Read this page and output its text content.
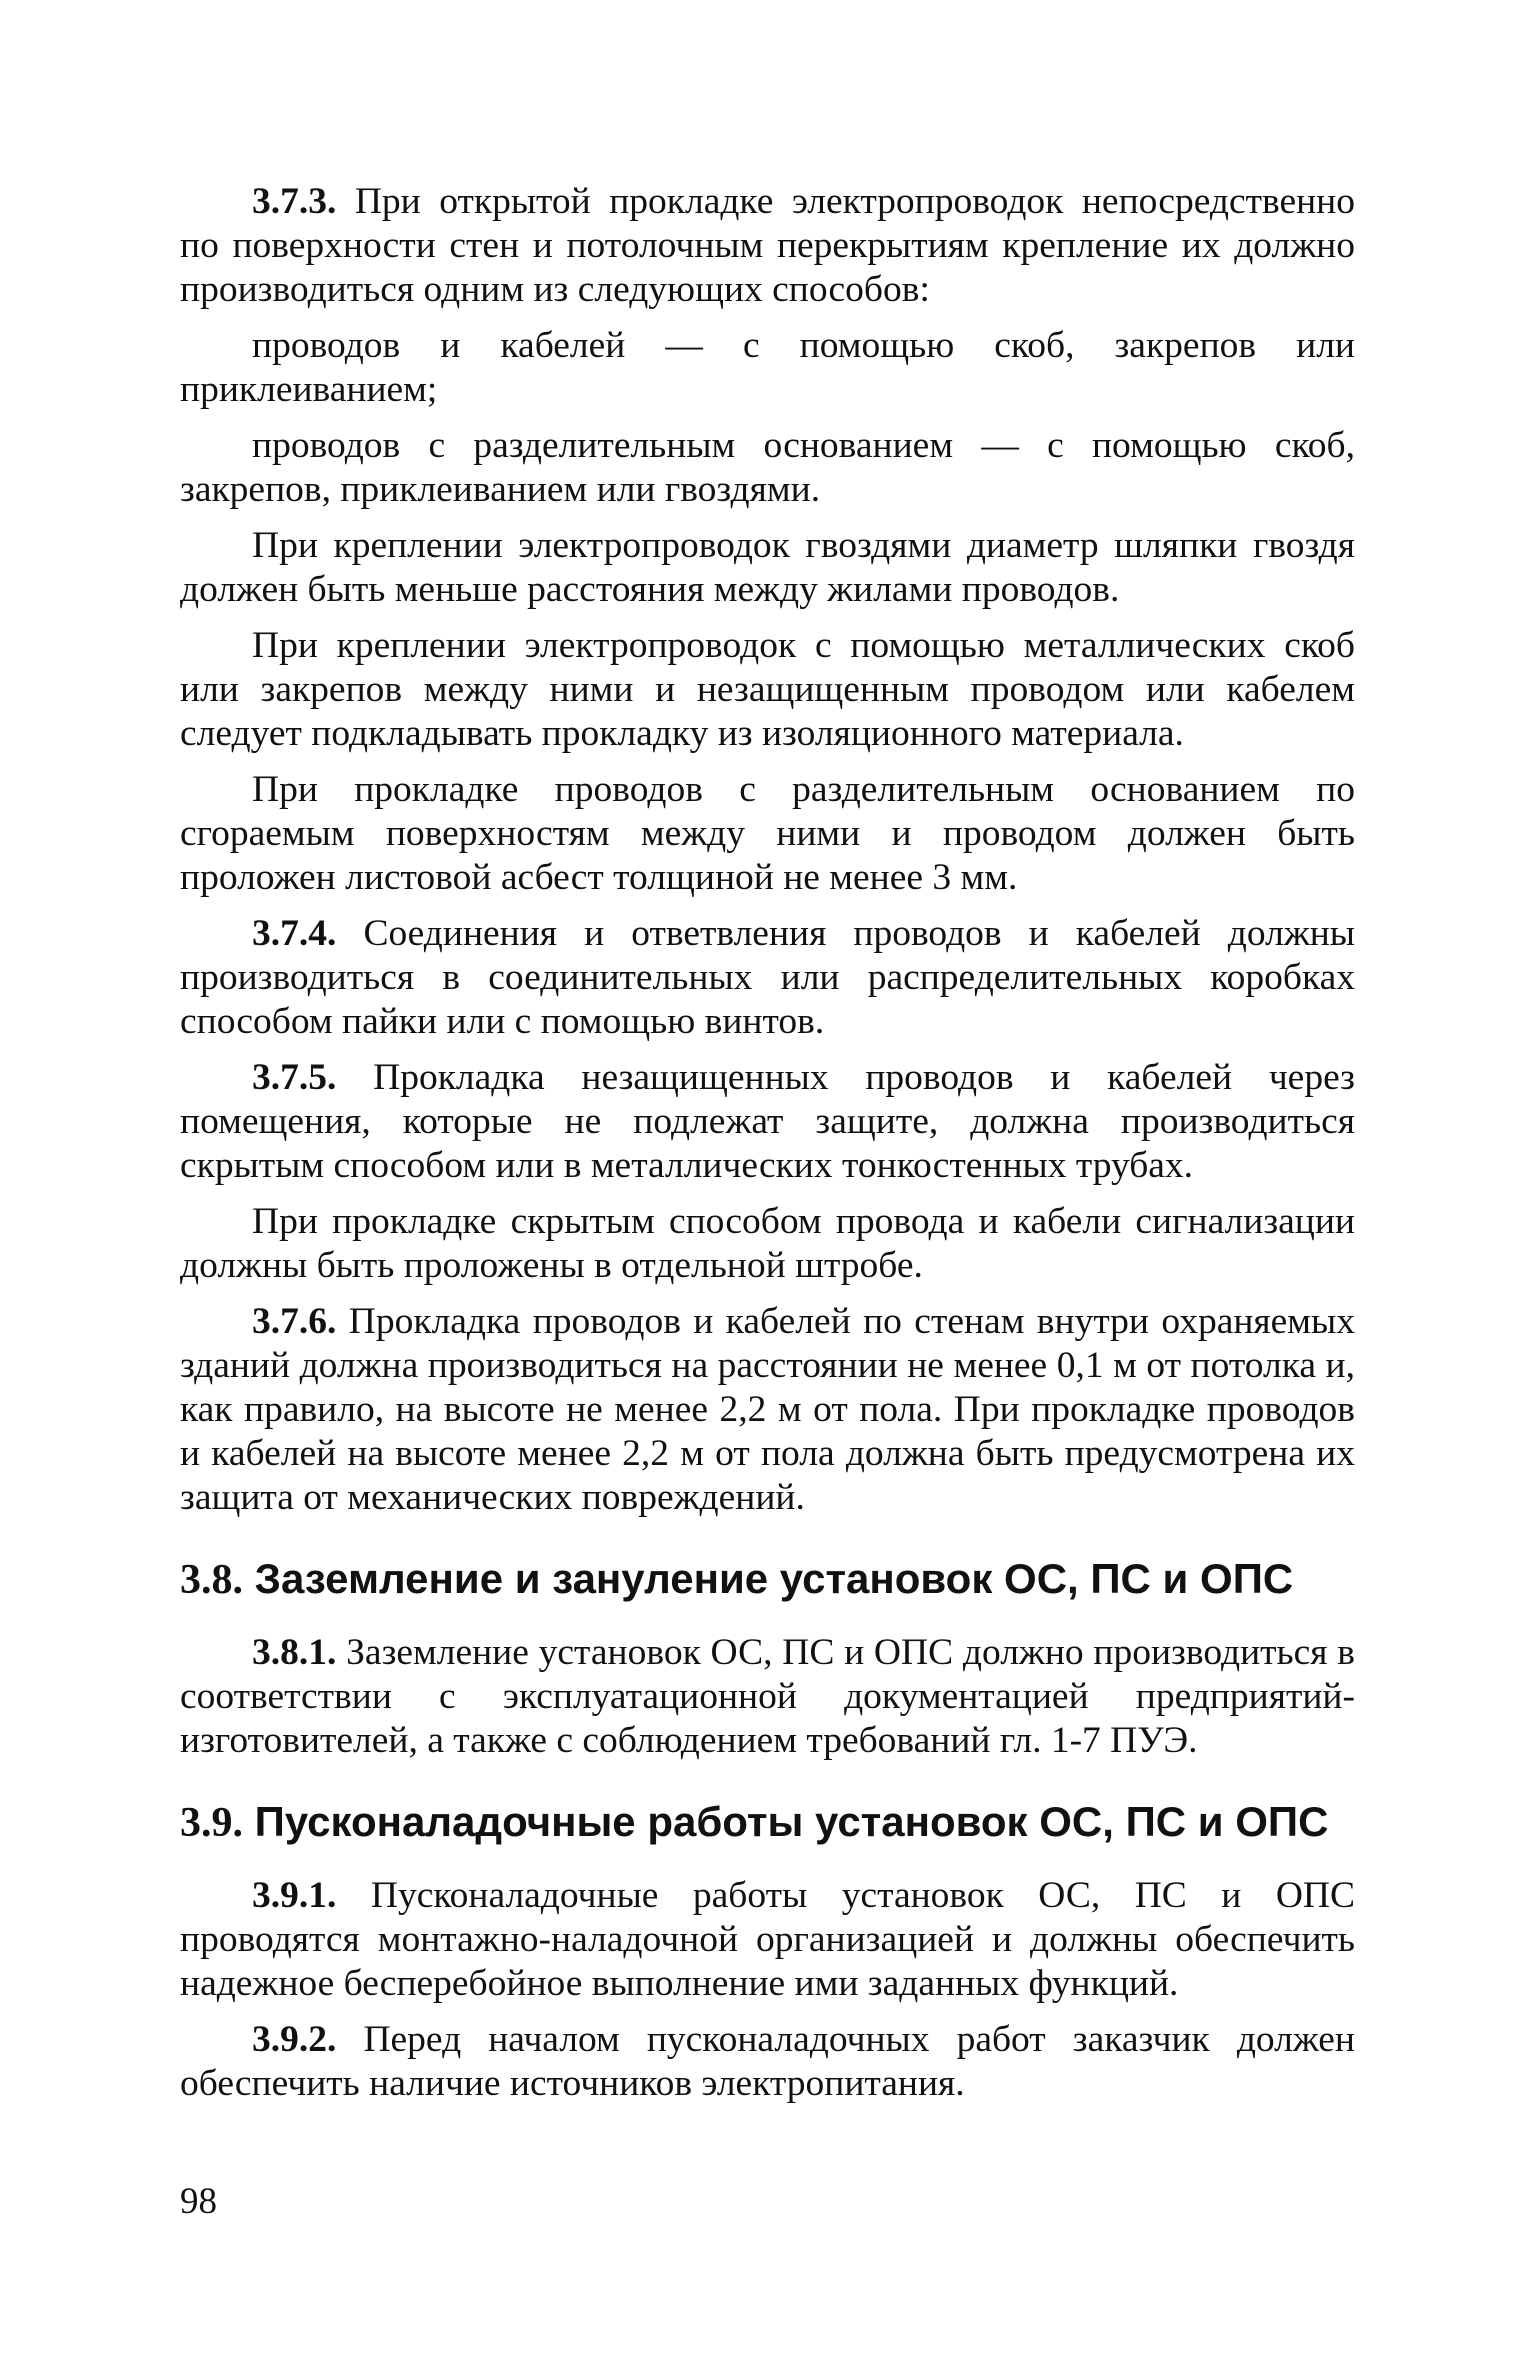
3.7.3. При открытой прокладке электропроводок непосредственно по поверхности стен и потолочным перекрытиям крепление их должно производиться одним из следующих способов:

проводов и кабелей — с помощью скоб, закрепов или приклеиванием;

проводов с разделительным основанием — с помощью скоб, закрепов, приклеиванием или гвоздями.

При креплении электропроводок гвоздями диаметр шляпки гвоздя должен быть меньше расстояния между жилами проводов.

При креплении электропроводок с помощью металлических скоб или закрепов между ними и незащищенным проводом или кабелем следует подкладывать прокладку из изоляционного материала.

При прокладке проводов с разделительным основанием по сгораемым поверхностям между ними и проводом должен быть проложен листовой асбест толщиной не менее 3 мм.

3.7.4. Соединения и ответвления проводов и кабелей должны производиться в соединительных или распределительных коробках способом пайки или с помощью винтов.

3.7.5. Прокладка незащищенных проводов и кабелей через помещения, которые не подлежат защите, должна производиться скрытым способом или в металлических тонкостенных трубах.

При прокладке скрытым способом провода и кабели сигнализации должны быть проложены в отдельной штробе.

3.7.6. Прокладка проводов и кабелей по стенам внутри охраняемых зданий должна производиться на расстоянии не менее 0,1 м от потолка и, как правило, на высоте не менее 2,2 м от пола. При прокладке проводов и кабелей на высоте менее 2,2 м от пола должна быть предусмотрена их защита от механических повреждений.

3.8. Заземление и зануление установок ОС, ПС и ОПС

3.8.1. Заземление установок ОС, ПС и ОПС должно производиться в соответствии с эксплуатационной документацией предприятий-изготовителей, а также с соблюдением требований гл. 1-7 ПУЭ.

3.9. Пусконаладочные работы установок ОС, ПС и ОПС

3.9.1. Пусконаладочные работы установок ОС, ПС и ОПС проводятся монтажно-наладочной организацией и должны обеспечить надежное бесперебойное выполнение ими заданных функций.

3.9.2. Перед началом пусконаладочных работ заказчик должен обеспечить наличие источников электропитания.

98
